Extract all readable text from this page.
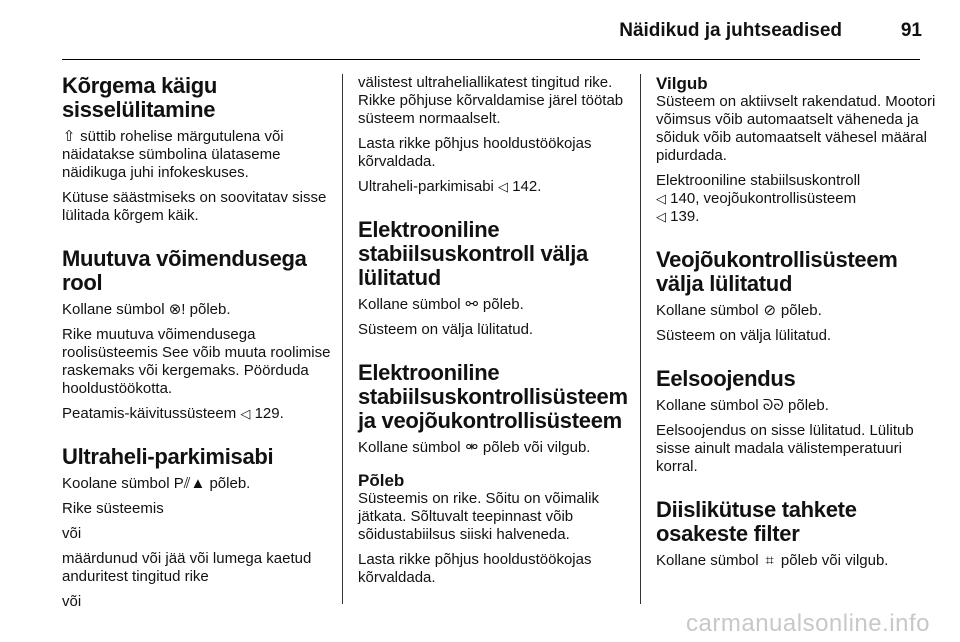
Näidikud ja juhtseadised	91
Kõrgema käigu sisselülitamine

⇧ süttib rohelise märgutulena või näidatakse sümbolina ülataseme näidikuga juhi infokeskuses.

Kütuse säästmiseks on soovitatav sisse lülitada kõrgem käik.

Muutuva võimendusega rool

Kollane sümbol ⊗! põleb.

Rike muutuva võimendusega roolisüsteemis See võib muuta roolimise raskemaks või kergemaks. Pöörduda hooldustöökotta.

Peatamis-käivitussüsteem ◁ 129.

Ultraheli-parkimisabi

Koolane sümbol P⫽▲ põleb.

Rike süsteemis

või

määrdunud või jää või lumega kaetud anduritest tingitud rike

või

välistest ultraheliallikatest tingitud rike. Rikke põhjuse kõrvaldamise järel töötab süsteem normaalselt.

Lasta rikke põhjus hooldustöökojas kõrvaldada.

Ultraheli-parkimisabi ◁ 142.

Elektrooniline stabiilsuskontroll välja lülitatud

Kollane sümbol ⚯ põleb.

Süsteem on välja lülitatud.

Elektrooniline stabiilsuskontrollisüsteem ja veojõukontrollisüsteem

Kollane sümbol ⚮ põleb või vilgub.

Põleb

Süsteemis on rike. Sõitu on võimalik jätkata. Sõltuvalt teepinnast võib sõidustabiilsus siiski halveneda.

Lasta rikke põhjus hooldustöökojas kõrvaldada.

Vilgub

Süsteem on aktiivselt rakendatud. Mootori võimsus võib automaatselt väheneda ja sõiduk võib automaatselt vähesel määral pidurdada.

Elektrooniline stabiilsuskontroll
◁ 140, veojõukontrollisüsteem
◁ 139.

Veojõukontrollisüsteem välja lülitatud

Kollane sümbol ⊘ põleb.

Süsteem on välja lülitatud.

Eelsoojendus

Kollane sümbol ᘐᘐ põleb.

Eelsoojendus on sisse lülitatud. Lülitub sisse ainult madala välistemperatuuri korral.

Diislikütuse tahkete osakeste filter

Kollane sümbol ⌗ põleb või vilgub.

carmanualsonline.info
